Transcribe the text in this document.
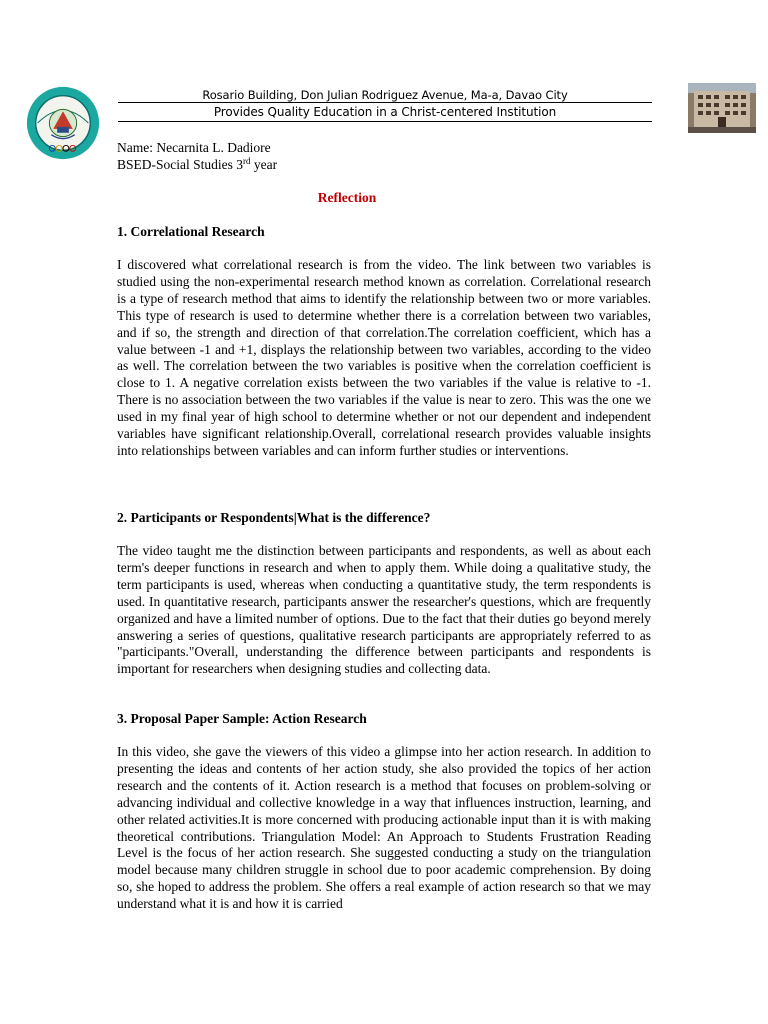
Rosario Building, Don Julian Rodriguez Avenue, Ma-a, Davao City
Provides Quality Education in a Christ-centered Institution
Name: Necarnita L. Dadiore
BSED-Social Studies 3rd year
Reflection
1. Correlational Research

I discovered what correlational research is from the video. The link between two variables is studied using the non-experimental research method known as correlation. Correlational research is a type of research method that aims to identify the relationship between two or more variables. This type of research is used to determine whether there is a correlation between two variables, and if so, the strength and direction of that correlation.The correlation coefficient, which has a value between -1 and +1, displays the relationship between two variables, according to the video as well. The correlation between the two variables is positive when the correlation coefficient is close to 1. A negative correlation exists between the two variables if the value is relative to -1. There is no association between the two variables if the value is near to zero. This was the one we used in my final year of high school to determine whether or not our dependent and independent variables have significant relationship.Overall, correlational research provides valuable insights into relationships between variables and can inform further studies or interventions.

2. Participants or Respondents|What is the difference?

The video taught me the distinction between participants and respondents, as well as about each term's deeper functions in research and when to apply them. While doing a qualitative study, the term participants is used, whereas when conducting a quantitative study, the term respondents is used. In quantitative research, participants answer the researcher's questions, which are frequently organized and have a limited number of options. Due to the fact that their duties go beyond merely answering a series of questions, qualitative research participants are appropriately referred to as "participants."Overall, understanding the difference between participants and respondents is important for researchers when designing studies and collecting data.

3. Proposal Paper Sample: Action Research

In this video, she gave the viewers of this video a glimpse into her action research. In addition to presenting the ideas and contents of her action study, she also provided the topics of her action research and the contents of it. Action research is a method that focuses on problem-solving or advancing individual and collective knowledge in a way that influences instruction, learning, and other related activities.It is more concerned with producing actionable input than it is with making theoretical contributions. Triangulation Model: An Approach to Students Frustration Reading Level is the focus of her action research. She suggested conducting a study on the triangulation model because many children struggle in school due to poor academic comprehension. By doing so, she hoped to address the problem. She offers a real example of action research so that we may understand what it is and how it is carried
